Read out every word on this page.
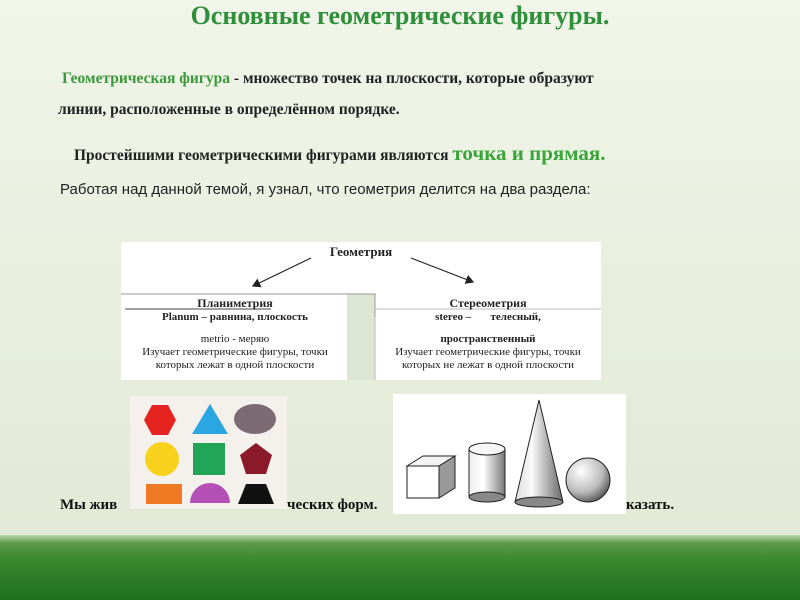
Основные геометрические фигуры.
Геометрическая фигура - множество точек на плоскости, которые образуют
линии, расположенные в определённом порядке.
Простейшими геометрическими фигурами являются точка и прямая.
Работая над данной темой, я узнал, что геометрия делится на два раздела:
Геометрия
Планиметрия
Planum – равнина, плоскость
metrio - меряю
Изучает геометрические фигуры, точки
которых лежат в одной плоскости
Стереометрия
stereo –       телесный,
пространственный
Изучает геометрические фигуры, точки
которых не лежат в одной плоскости
Мы жив	ческих форм.	казать.
